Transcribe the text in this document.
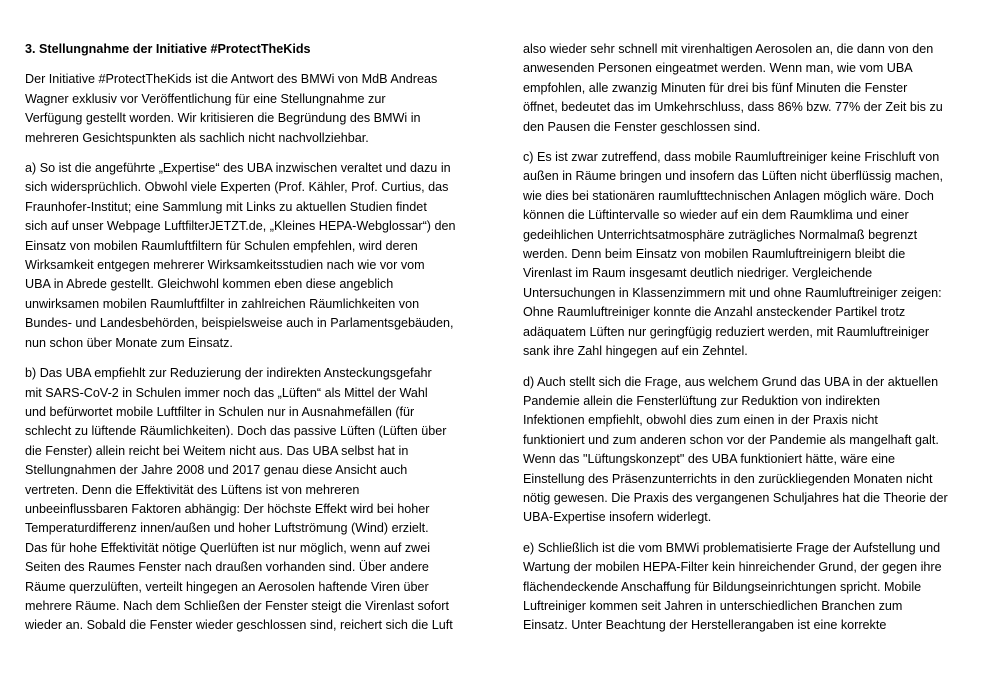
3. Stellungnahme der Initiative #ProtectTheKids
Der Initiative #ProtectTheKids ist die Antwort des BMWi von MdB Andreas
Wagner exklusiv vor Veröffentlichung für eine Stellungnahme zur
Verfügung gestellt worden. Wir kritisieren die Begründung des BMWi in
mehreren Gesichtspunkten als sachlich nicht nachvollziehbar.
a) So ist die angeführte „Expertise“ des UBA inzwischen veraltet und dazu in
sich widersprüchlich. Obwohl viele Experten (Prof. Kähler, Prof. Curtius, das
Fraunhofer-Institut; eine Sammlung mit Links zu aktuellen Studien findet
sich auf unser Webpage LuftfilterJETZT.de, „Kleines HEPA-Webglossar“) den
Einsatz von mobilen Raumluftfiltern für Schulen empfehlen, wird deren
Wirksamkeit entgegen mehrerer Wirksamkeitsstudien nach wie vor vom
UBA in Abrede gestellt. Gleichwohl kommen eben diese angeblich
unwirksamen mobilen Raumluftfilter in zahlreichen Räumlichkeiten von
Bundes- und Landesbehörden, beispielsweise auch in Parlamentsgebäuden,
nun schon über Monate zum Einsatz.
b) Das UBA empfiehlt zur Reduzierung der indirekten Ansteckungsgefahr
mit SARS-CoV-2 in Schulen immer noch das „Lüften“ als Mittel der Wahl
und befürwortet mobile Luftfilter in Schulen nur in Ausnahmefällen (für
schlecht zu lüftende Räumlichkeiten). Doch das passive Lüften (Lüften über
die Fenster) allein reicht bei Weitem nicht aus. Das UBA selbst hat in
Stellungnahmen der Jahre 2008 und 2017 genau diese Ansicht auch
vertreten. Denn die Effektivität des Lüftens ist von mehreren
unbeeinflussbaren Faktoren abhängig: Der höchste Effekt wird bei hoher
Temperaturdifferenz innen/außen und hoher Luftströmung (Wind) erzielt.
Das für hohe Effektivität nötige Querlüften ist nur möglich, wenn auf zwei
Seiten des Raumes Fenster nach draußen vorhanden sind. Über andere
Räume querzulüften, verteilt hingegen an Aerosolen haftende Viren über
mehrere Räume. Nach dem Schließen der Fenster steigt die Virenlast sofort
wieder an. Sobald die Fenster wieder geschlossen sind, reichert sich die Luft
also wieder sehr schnell mit virenhaltigen Aerosolen an, die dann von den
anwesenden Personen eingeatmet werden. Wenn man, wie vom UBA
empfohlen, alle zwanzig Minuten für drei bis fünf Minuten die Fenster
öffnet, bedeutet das im Umkehrschluss, dass 86% bzw. 77% der Zeit bis zu
den Pausen die Fenster geschlossen sind.
c) Es ist zwar zutreffend, dass mobile Raumluftreiniger keine Frischluft von
außen in Räume bringen und insofern das Lüften nicht überflüssig machen,
wie dies bei stationären raumlufttechnischen Anlagen möglich wäre. Doch
können die Lüftintervalle so wieder auf ein dem Raumklima und einer
gedeihlichen Unterrichtsatmosphäre zuträgliches Normalmaß begrenzt
werden. Denn beim Einsatz von mobilen Raumluftreinigern bleibt die
Virenlast im Raum insgesamt deutlich niedriger. Vergleichende
Untersuchungen in Klassenzimmern mit und ohne Raumluftreiniger zeigen:
Ohne Raumluftreiniger konnte die Anzahl ansteckender Partikel trotz
adäquatem Lüften nur geringfügig reduziert werden, mit Raumluftreiniger
sank ihre Zahl hingegen auf ein Zehntel.
d) Auch stellt sich die Frage, aus welchem Grund das UBA in der aktuellen
Pandemie allein die Fensterlüftung zur Reduktion von indirekten
Infektionen empfiehlt, obwohl dies zum einen in der Praxis nicht
funktioniert und zum anderen schon vor der Pandemie als mangelhaft galt.
Wenn das "Lüftungskonzept" des UBA funktioniert hätte, wäre eine
Einstellung des Präsenzunterrichts in den zurückliegenden Monaten nicht
nötig gewesen. Die Praxis des vergangenen Schuljahres hat die Theorie der
UBA-Expertise insofern widerlegt.
e) Schließlich ist die vom BMWi problematisierte Frage der Aufstellung und
Wartung der mobilen HEPA-Filter kein hinreichender Grund, der gegen ihre
flächendeckende Anschaffung für Bildungseinrichtungen spricht. Mobile
Luftreiniger kommen seit Jahren in unterschiedlichen Branchen zum
Einsatz. Unter Beachtung der Herstellerangaben ist eine korrekte
